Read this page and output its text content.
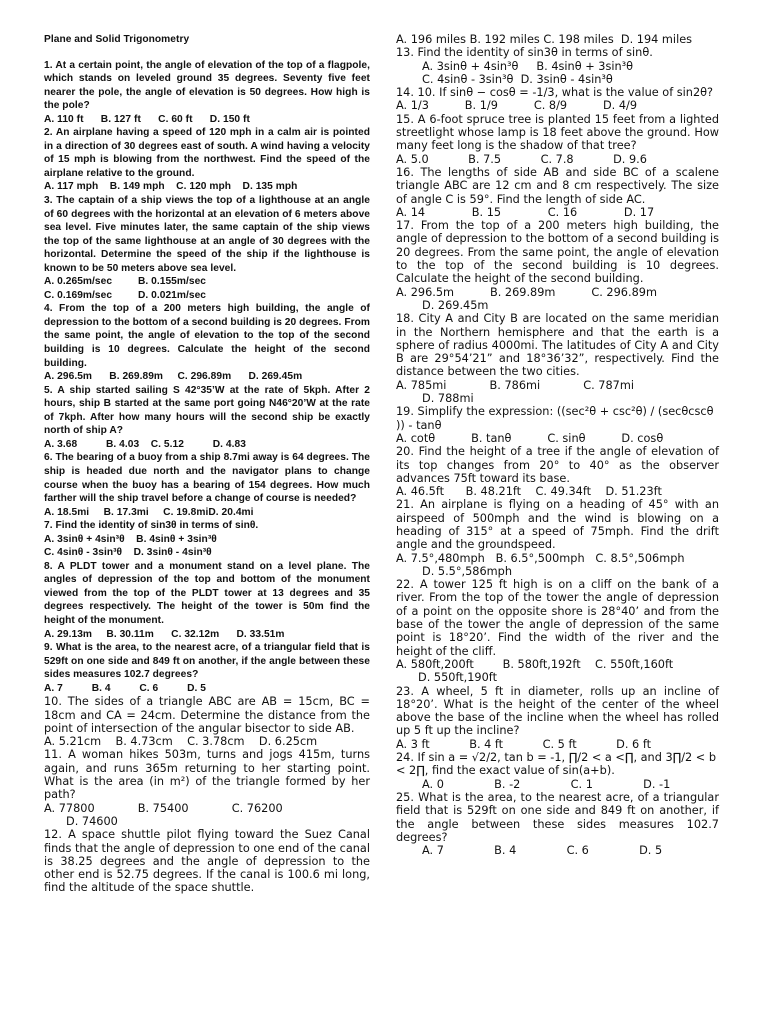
Plane and Solid Trigonometry

1. At a certain point, the angle of elevation of the top of a flagpole, which stands on leveled ground 35 degrees. Seventy five feet nearer the pole, the angle of elevation is 50 degrees. How high is the pole?

A. 110 ft      B. 127 ft      C. 60 ft      D. 150 ft

2. An airplane having a speed of 120 mph in a calm air is pointed in a direction of 30 degrees east of south. A wind having a velocity of 15 mph is blowing from the northwest. Find the speed of the airplane relative to the ground.

A. 117 mph    B. 149 mph    C. 120 mph    D. 135 mph

3. The captain of a ship views the top of a lighthouse at an angle of 60 degrees with the horizontal at an elevation of 6 meters above sea level. Five minutes later, the same captain of the ship views the top of the same lighthouse at an angle of 30 degrees with the horizontal. Determine the speed of the ship if the lighthouse is known to be 50 meters above sea level.

A. 0.265m/sec         B. 0.155m/sec

C. 0.169m/sec         D. 0.021m/sec

4. From the top of a 200 meters high building, the angle of depression to the bottom of a second building is 20 degrees. From the same point, the angle of elevation to the top of the second building is 10 degrees. Calculate the height of the second building.

A. 296.5m      B. 269.89m     C. 296.89m      D. 269.45m

5. A ship started sailing S 42°35’W at the rate of 5kph. After 2 hours, ship B started at the same port going N46°20’W at the rate of 7kph. After how many hours will the second ship be exactly north of ship A?

A. 3.68          B. 4.03    C. 5.12          D. 4.83

6. The bearing of a buoy from a ship 8.7mi away is 64 degrees. The ship is headed due north and the navigator plans to change course when the buoy has a bearing of 154 degrees. How much farther will the ship travel before a change of course is needed?

A. 18.5mi     B. 17.3mi     C. 19.8miD. 20.4mi

7. Find the identity of sin3θ in terms of sinθ.

A. 3sinθ + 4sin³θ    B. 4sinθ + 3sin³θ

C. 4sinθ - 3sin³θ    D. 3sinθ - 4sin³θ

8. A PLDT tower and a monument stand on a level plane. The angles of depression of the top and bottom of the monument viewed from the top of the PLDT tower at 13 degrees and 35 degrees respectively. The height of the tower is 50m find the height of the monument.

A. 29.13m     B. 30.11m      C. 32.12m      D. 33.51m

9. What is the area, to the nearest acre, of a triangular field that is 529ft on one side and 849 ft on another, if the angle between these sides measures 102.7 degrees?

A. 7          B. 4          C. 6          D. 5

10. The sides of a triangle ABC are AB = 15cm, BC = 18cm and CA = 24cm. Determine the distance from the point of intersection of the angular bisector to side AB.

A. 5.21cm    B. 4.73cm    C. 3.78cm    D. 6.25cm

11. A woman hikes 503m, turns and jogs 415m, turns again, and runs 365m returning to her starting point. What is the area (in m²) of the triangle formed by her path?

A. 77800            B. 75400            C. 76200

D. 74600

12. A space shuttle pilot flying toward the Suez Canal finds that the angle of depression to one end of the canal is 38.25 degrees and the angle of depression to the other end is 52.75 degrees. If the canal is 100.6 mi long, find the altitude of the space shuttle.

A. 196 miles B. 192 miles C. 198 miles  D. 194 miles

13. Find the identity of sin3θ in terms of sinθ.

A. 3sinθ + 4sin³θ     B. 4sinθ + 3sin³θ

C. 4sinθ - 3sin³θ  D. 3sinθ - 4sin³θ

14. 10. If sinθ − cosθ = -1/3, what is the value of sin2θ?

A. 1/3          B. 1/9          C. 8/9          D. 4/9

15. A 6-foot spruce tree is planted 15 feet from a lighted streetlight whose lamp is 18 feet above the ground. How many feet long is the shadow of that tree?

A. 5.0           B. 7.5           C. 7.8           D. 9.6

16. The lengths of side AB and side BC of a scalene triangle ABC are 12 cm and 8 cm respectively. The size of angle C is 59°. Find the length of side AC.

A. 14             B. 15             C. 16             D. 17

17. From the top of a 200 meters high building, the angle of depression to the bottom of a second building is 20 degrees. From the same point, the angle of elevation to the top of the second building is 10 degrees. Calculate the height of the second building.

A. 296.5m          B. 269.89m          C. 296.89m

D. 269.45m

18. City A and City B are located on the same meridian in the Northern hemisphere and that the earth is a sphere of radius 4000mi. The latitudes of City A and City B are 29°54’21” and 18°36’32”, respectively. Find the distance between the two cities.

A. 785mi            B. 786mi            C. 787mi

D. 788mi

19. Simplify the expression: ((sec²θ + csc²θ) / (secθcscθ )) - tanθ

A. cotθ          B. tanθ          C. sinθ          D. cosθ

20. Find the height of a tree if the angle of elevation of its top changes from 20° to 40° as the observer advances 75ft toward its base.

A. 46.5ft      B. 48.21ft    C. 49.34ft    D. 51.23ft

21. An airplane is flying on a heading of 45° with an airspeed of 500mph and the wind is blowing on a heading of 315° at a speed of 75mph. Find the drift angle and the groundspeed.

A. 7.5°,480mph   B. 6.5°,500mph   C. 8.5°,506mph

D. 5.5°,586mph

22. A tower 125 ft high is on a cliff on the bank of a river. From the top of the tower the angle of depression of a point on the opposite shore is 28°40’ and from the base of the tower the angle of depression of the same point is 18°20’. Find the width of the river and the height of the cliff.

A. 580ft,200ft        B. 580ft,192ft    C. 550ft,160ft

D. 550ft,190ft

23. A wheel, 5 ft in diameter, rolls up an incline of 18°20’. What is the height of the center of the wheel above the base of the incline when the wheel has rolled up 5 ft up the incline?

A. 3 ft           B. 4 ft           C. 5 ft           D. 6 ft

24. If sin a = √2/2, tan b = -1, ∏/2 < a <∏, and 3∏/2 < b < 2∏, find the exact value of sin(a+b).

A. 0              B. -2              C. 1              D. -1

25. What is the area, to the nearest acre, of a triangular field that is 529ft on one side and 849 ft on another, if the angle between these sides measures 102.7 degrees?

A. 7              B. 4              C. 6              D. 5
